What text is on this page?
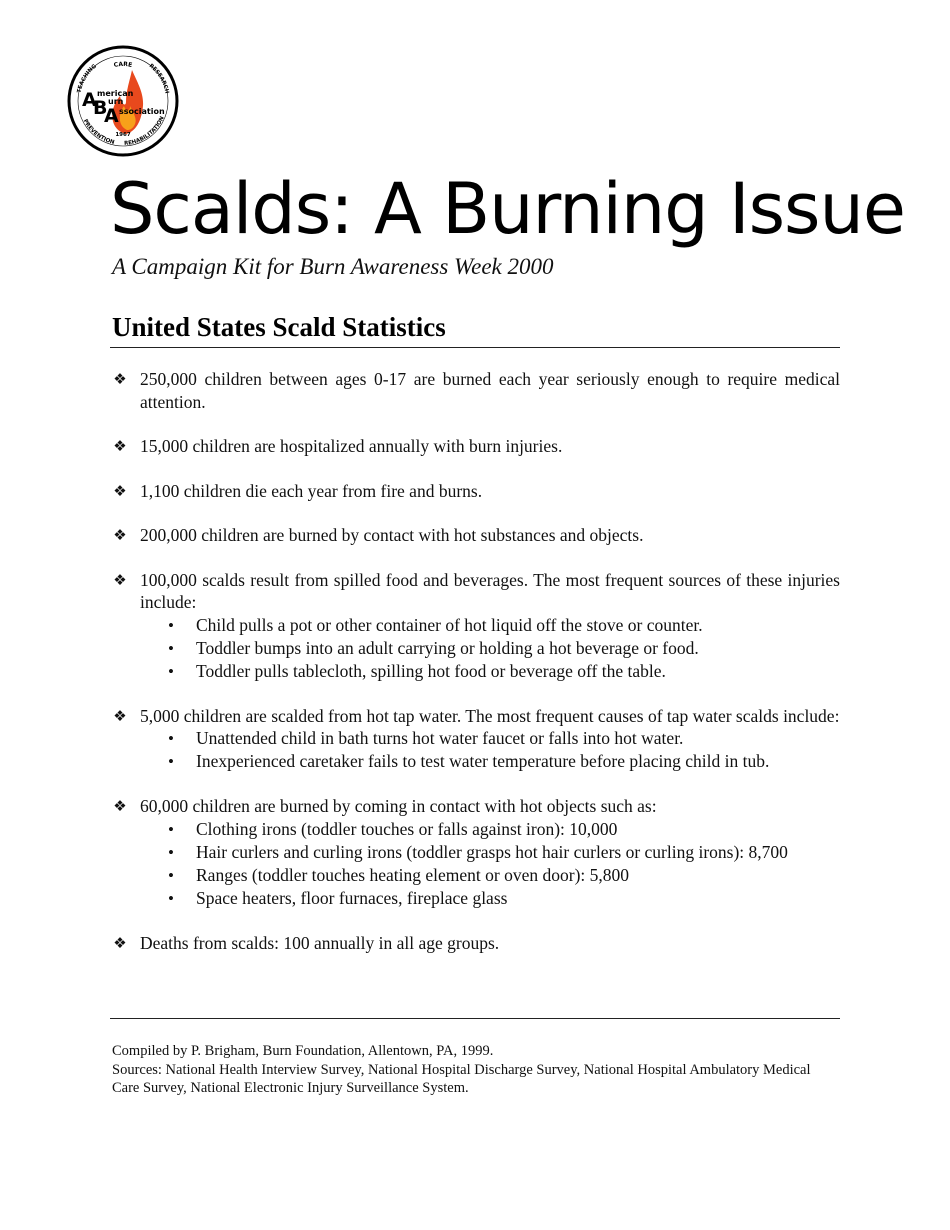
CARE
TEACHING	RESEARCH
PREVENTION REHABILITATION
A
B
A
merican
urn
ssociation
1967
Scalds: A Burning Issue

A Campaign Kit for Burn Awareness Week 2000

United States Scald Statistics
❖ 250,000 children between ages 0-17 are burned each year seriously enough to require medical attention.
❖ 15,000 children are hospitalized annually with burn injuries.
❖ 1,100 children die each year from fire and burns.
❖ 200,000 children are burned by contact with hot substances and objects.
❖ 100,000 scalds result from spilled food and beverages. The most frequent sources of these injuries include:
• Child pulls a pot or other container of hot liquid off the stove or counter.
• Toddler bumps into an adult carrying or holding a hot beverage or food.
• Toddler pulls tablecloth, spilling hot food or beverage off the table.
❖ 5,000 children are scalded from hot tap water. The most frequent causes of tap water scalds include:
• Unattended child in bath turns hot water faucet or falls into hot water.
• Inexperienced caretaker fails to test water temperature before placing child in tub.
❖ 60,000 children are burned by coming in contact with hot objects such as:
• Clothing irons (toddler touches or falls against iron): 10,000
• Hair curlers and curling irons (toddler grasps hot hair curlers or curling irons): 8,700
• Ranges (toddler touches heating element or oven door): 5,800
• Space heaters, floor furnaces, fireplace glass
❖ Deaths from scalds: 100 annually in all age groups.

Compiled by P. Brigham, Burn Foundation, Allentown, PA, 1999.

Sources: National Health Interview Survey, National Hospital Discharge Survey, National Hospital Ambulatory Medical Care Survey, National Electronic Injury Surveillance System.
